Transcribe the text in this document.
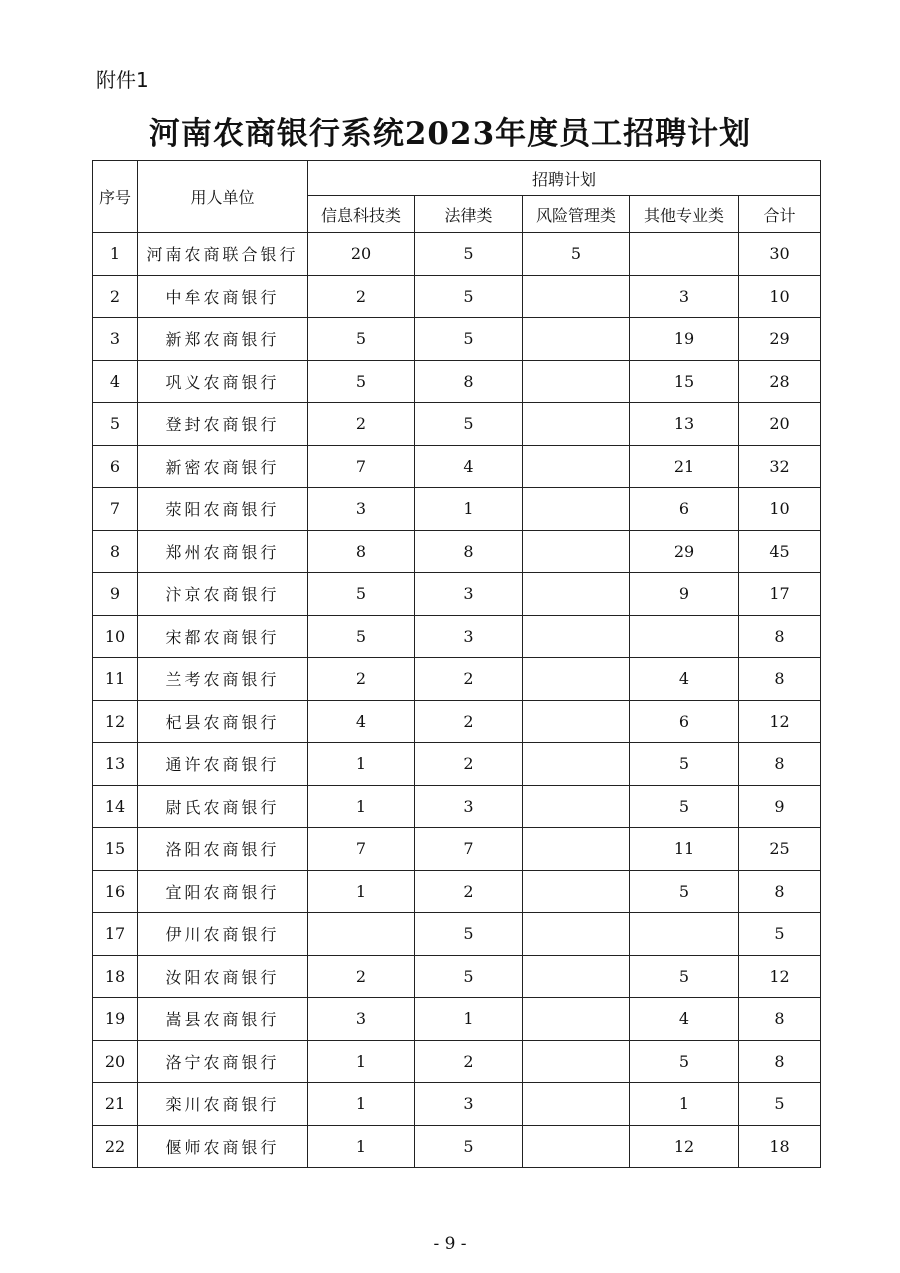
附件1
河南农商银行系统2023年度员工招聘计划
序号	用人单位	招聘计划				
		信息科技类	法律类	风险管理类	其他专业类	合计
1	河南农商联合银行	20	5	5		30
2	中牟农商银行	2	5		3	10
3	新郑农商银行	5	5		19	29
4	巩义农商银行	5	8		15	28
5	登封农商银行	2	5		13	20
6	新密农商银行	7	4		21	32
7	荥阳农商银行	3	1		6	10
8	郑州农商银行	8	8		29	45
9	汴京农商银行	5	3		9	17
10	宋都农商银行	5	3			8
11	兰考农商银行	2	2		4	8
12	杞县农商银行	4	2		6	12
13	通许农商银行	1	2		5	8
14	尉氏农商银行	1	3		5	9
15	洛阳农商银行	7	7		11	25
16	宜阳农商银行	1	2		5	8
17	伊川农商银行		5			5
18	汝阳农商银行	2	5		5	12
19	嵩县农商银行	3	1		4	8
20	洛宁农商银行	1	2		5	8
21	栾川农商银行	1	3		1	5
22	偃师农商银行	1	5		12	18
- 9 -
